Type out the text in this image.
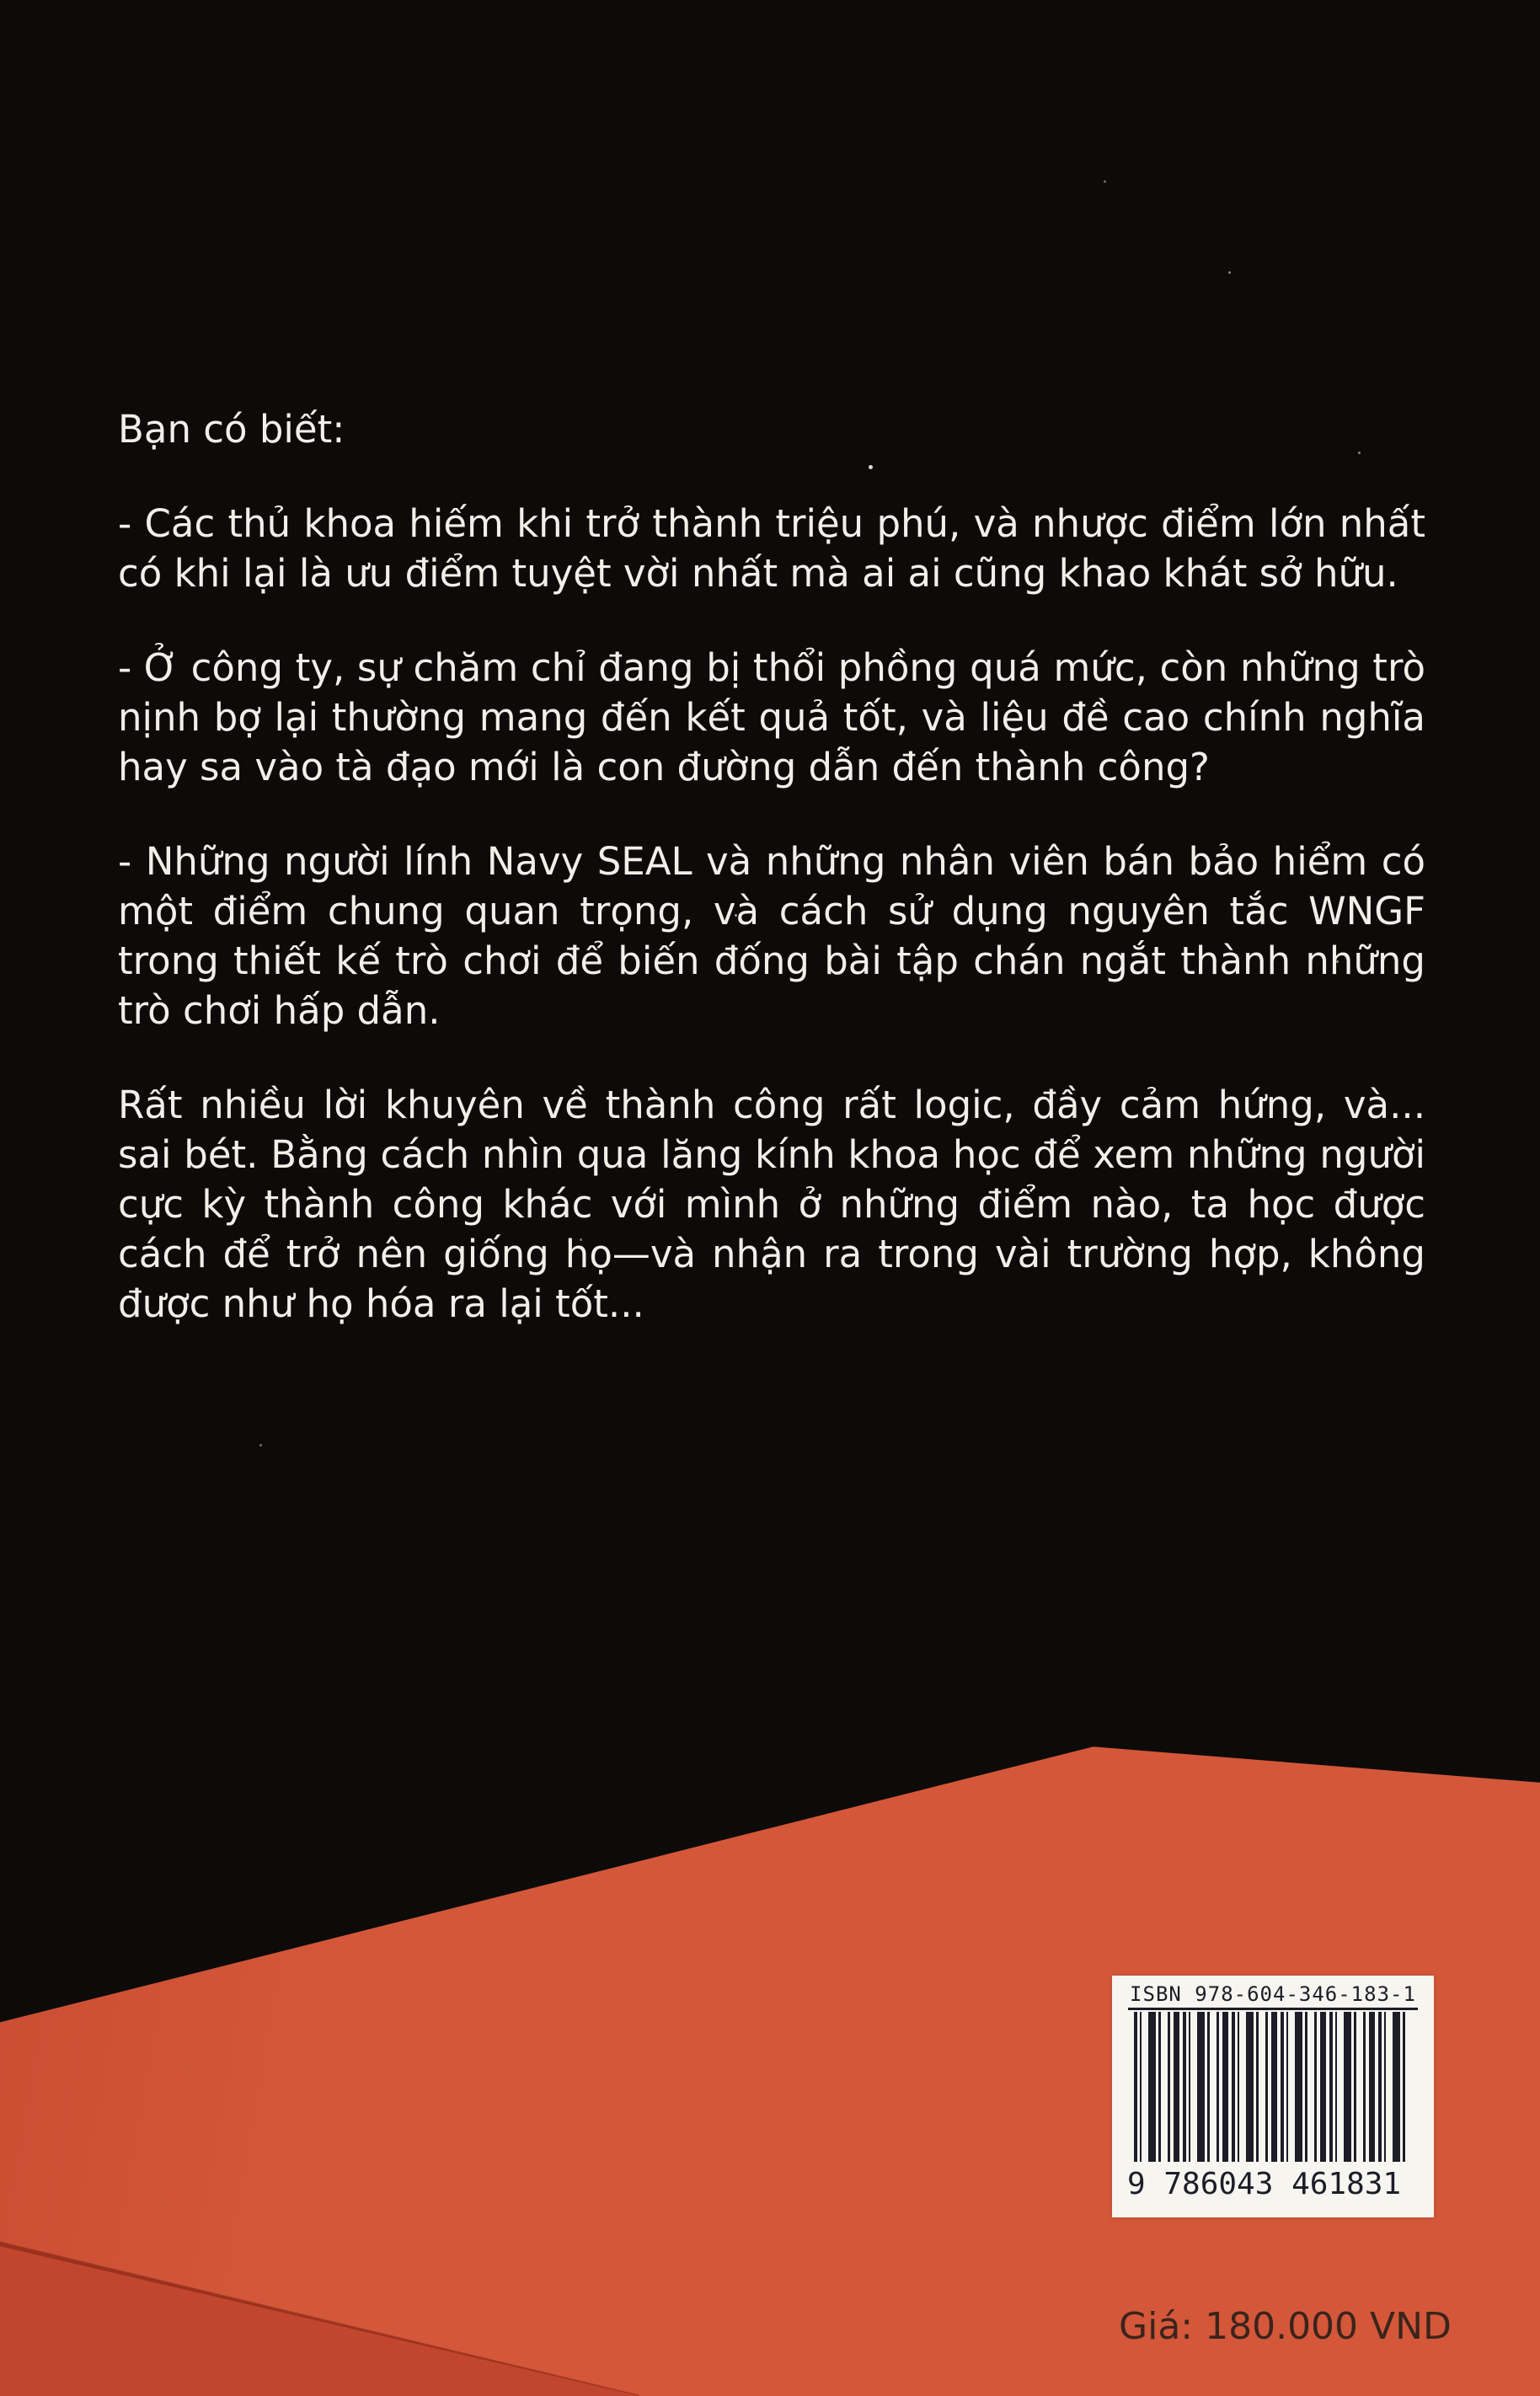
Bạn có biết:

- Các thủ khoa hiếm khi trở thành triệu phú, và nhược điểm lớn nhất có khi lại là ưu điểm tuyệt vời nhất mà ai ai cũng khao khát sở hữu.

- Ở công ty, sự chăm chỉ đang bị thổi phồng quá mức, còn những trò nịnh bợ lại thường mang đến kết quả tốt, và liệu đề cao chính nghĩa hay sa vào tà đạo mới là con đường dẫn đến thành công?

- Những người lính Navy SEAL và những nhân viên bán bảo hiểm có một điểm chung quan trọng, và cách sử dụng nguyên tắc WNGF trong thiết kế trò chơi để biến đống bài tập chán ngắt thành những trò chơi hấp dẫn.

Rất nhiều lời khuyên về thành công rất logic, đầy cảm hứng, và... sai bét. Bằng cách nhìn qua lăng kính khoa học để xem những người cực kỳ thành công khác với mình ở những điểm nào, ta học được cách để trở nên giống họ—và nhận ra trong vài trường hợp, không được như họ hóa ra lại tốt...

ISBN 978-604-346-183-1
9 786043 461831
Giá: 180.000 VND
